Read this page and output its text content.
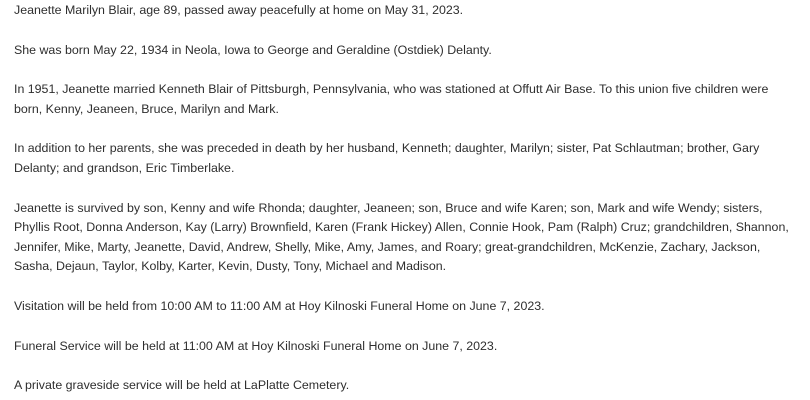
Jeanette Marilyn Blair, age 89, passed away peacefully at home on May 31, 2023.

She was born May 22, 1934 in Neola, Iowa to George and Geraldine (Ostdiek) Delanty.

In 1951, Jeanette married Kenneth Blair of Pittsburgh, Pennsylvania, who was stationed at Offutt Air Base. To this union five children were born, Kenny, Jeaneen, Bruce, Marilyn and Mark.

In addition to her parents, she was preceded in death by her husband, Kenneth; daughter, Marilyn; sister, Pat Schlautman; brother, Gary Delanty; and grandson, Eric Timberlake.

Jeanette is survived by son, Kenny and wife Rhonda; daughter, Jeaneen; son, Bruce and wife Karen; son, Mark and wife Wendy; sisters, Phyllis Root, Donna Anderson, Kay (Larry) Brownfield, Karen (Frank Hickey) Allen, Connie Hook, Pam (Ralph) Cruz; grandchildren, Shannon, Jennifer, Mike, Marty, Jeanette, David, Andrew, Shelly, Mike, Amy, James, and Roary; great-grandchildren, McKenzie, Zachary, Jackson, Sasha, Dejaun, Taylor, Kolby, Karter, Kevin, Dusty, Tony, Michael and Madison.

Visitation will be held from 10:00 AM to 11:00 AM at Hoy Kilnoski Funeral Home on June 7, 2023.

Funeral Service will be held at 11:00 AM at Hoy Kilnoski Funeral Home on June 7, 2023.

A private graveside service will be held at LaPlatte Cemetery.
